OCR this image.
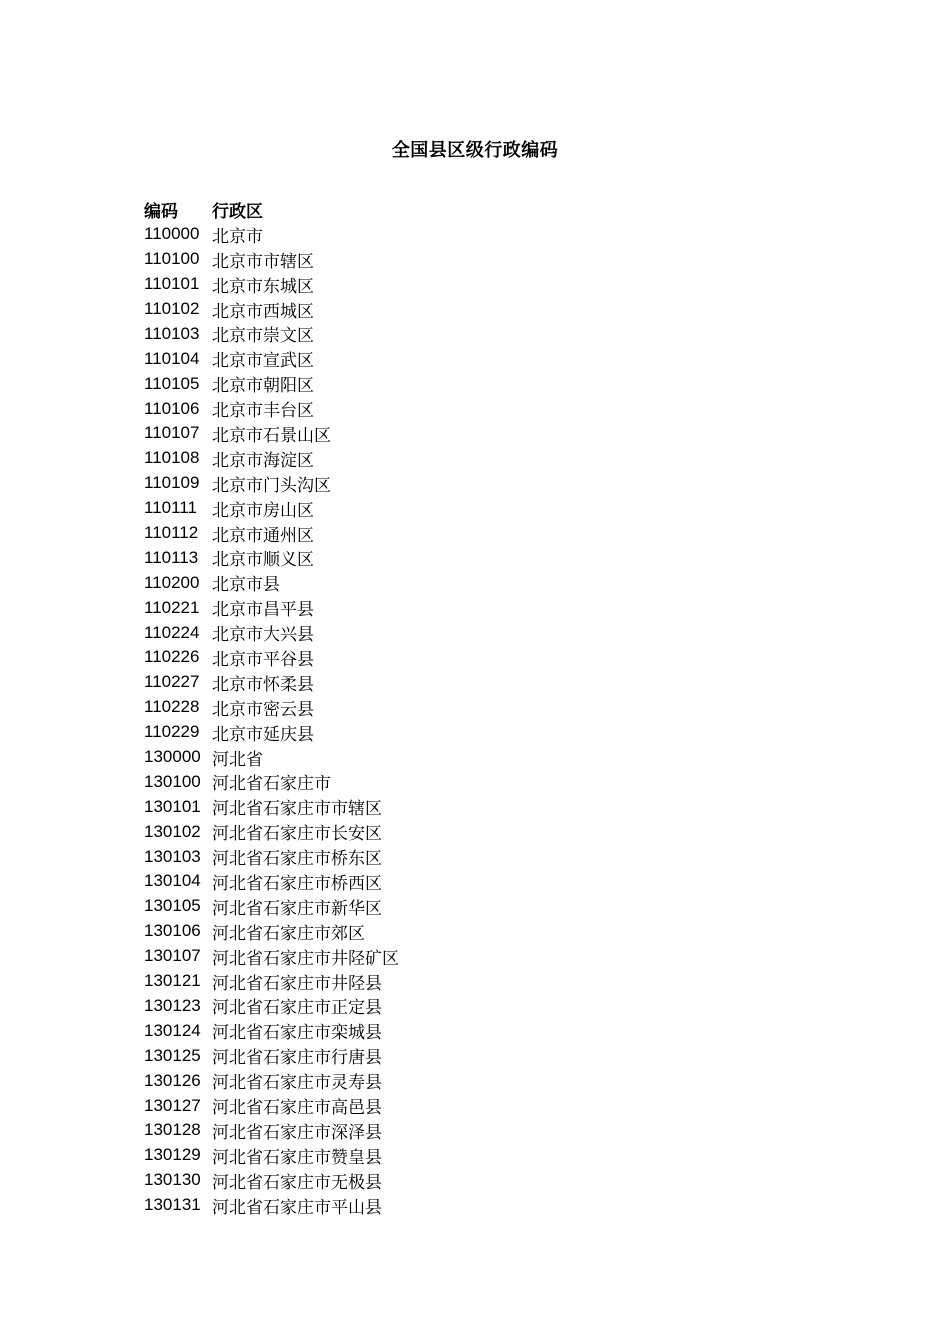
全国县区级行政编码
编码	行政区
110000 北京市
110100 北京市市辖区
110101 北京市东城区
110102 北京市西城区
110103 北京市崇文区
110104 北京市宣武区
110105 北京市朝阳区
110106 北京市丰台区
110107 北京市石景山区
110108 北京市海淀区
110109 北京市门头沟区
110111 北京市房山区
110112 北京市通州区
110113 北京市顺义区
110200 北京市县
110221 北京市昌平县
110224 北京市大兴县
110226 北京市平谷县
110227 北京市怀柔县
110228 北京市密云县
110229 北京市延庆县
130000 河北省
130100 河北省石家庄市
130101 河北省石家庄市市辖区
130102 河北省石家庄市长安区
130103 河北省石家庄市桥东区
130104 河北省石家庄市桥西区
130105 河北省石家庄市新华区
130106 河北省石家庄市郊区
130107 河北省石家庄市井陉矿区
130121 河北省石家庄市井陉县
130123 河北省石家庄市正定县
130124 河北省石家庄市栾城县
130125 河北省石家庄市行唐县
130126 河北省石家庄市灵寿县
130127 河北省石家庄市高邑县
130128 河北省石家庄市深泽县
130129 河北省石家庄市赞皇县
130130 河北省石家庄市无极县
130131 河北省石家庄市平山县
